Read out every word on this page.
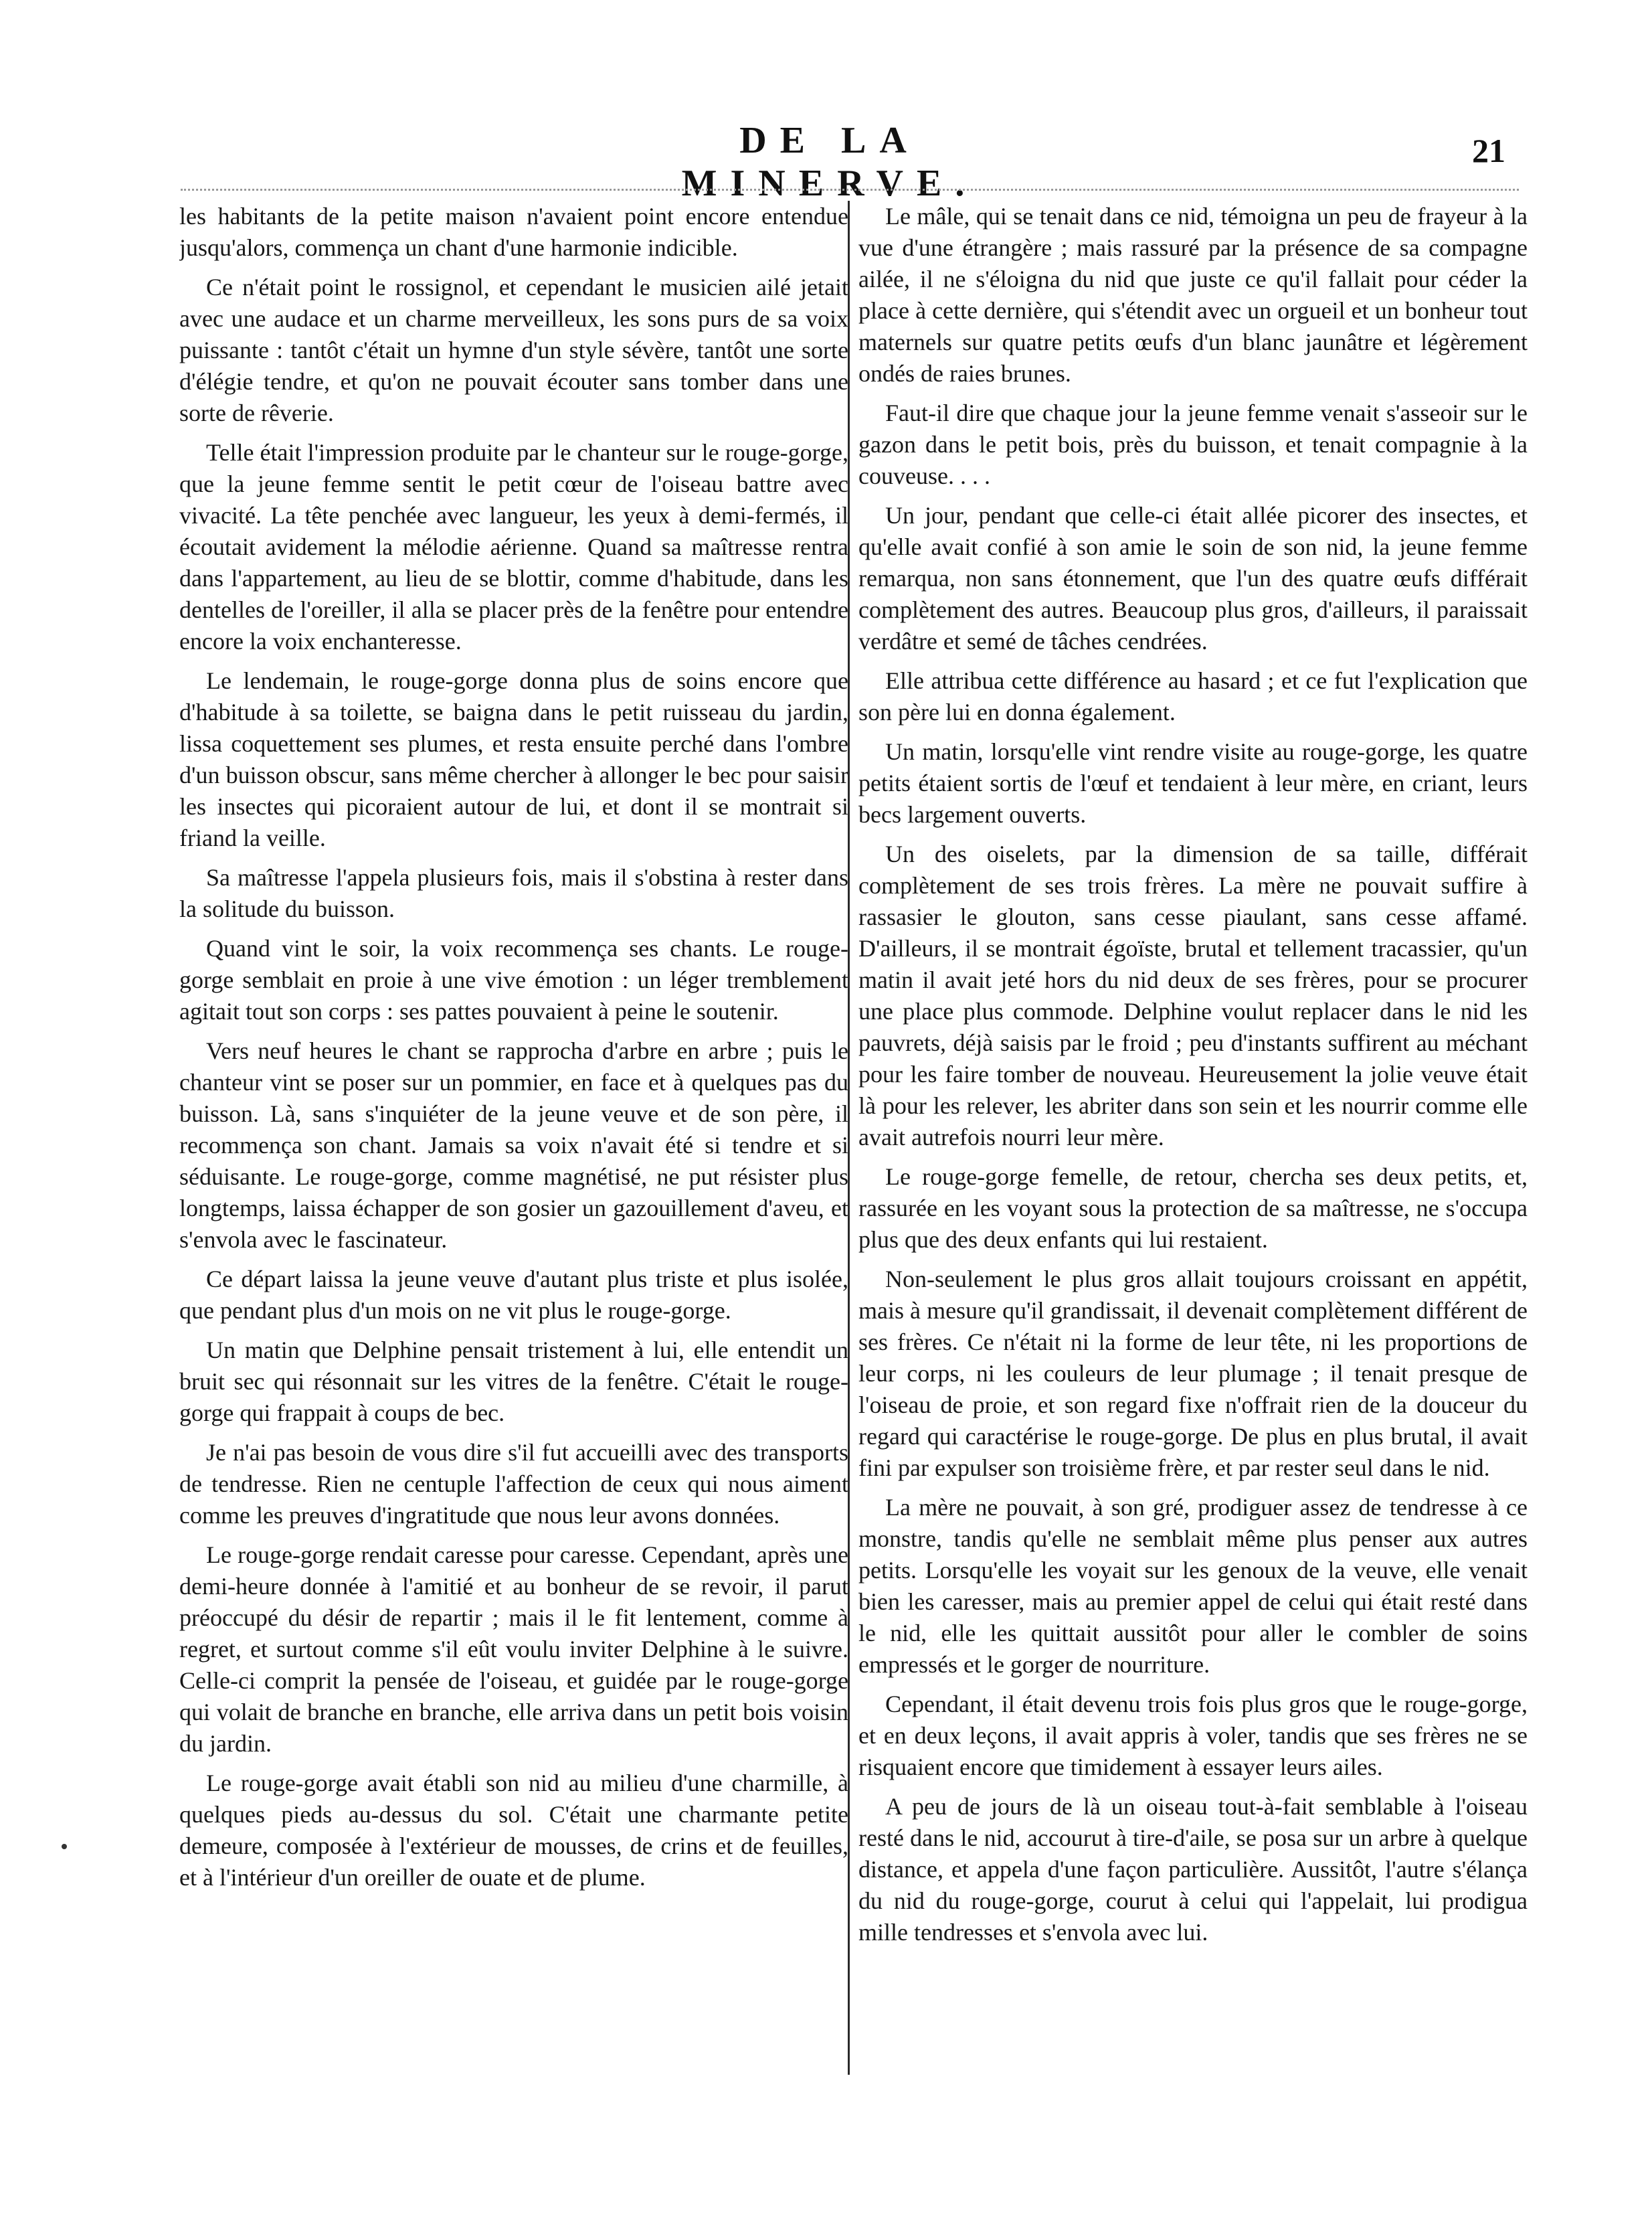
DE LA MINERVE.
21

les habitants de la petite maison n'avaient point encore entendue jusqu'alors, commença un chant d'une harmonie indicible.

Ce n'était point le rossignol, et cependant le musicien ailé jetait avec une audace et un charme merveilleux, les sons purs de sa voix puissante : tantôt c'était un hymne d'un style sévère, tantôt une sorte d'élégie tendre, et qu'on ne pouvait écouter sans tomber dans une sorte de rêverie.

Telle était l'impression produite par le chanteur sur le rouge-gorge, que la jeune femme sentit le petit cœur de l'oiseau battre avec vivacité. La tête penchée avec langueur, les yeux à demi-fermés, il écoutait avidement la mélodie aérienne. Quand sa maîtresse rentra dans l'appartement, au lieu de se blottir, comme d'habitude, dans les dentelles de l'oreiller, il alla se placer près de la fenêtre pour entendre encore la voix enchanteresse.

Le lendemain, le rouge-gorge donna plus de soins encore que d'habitude à sa toilette, se baigna dans le petit ruisseau du jardin, lissa coquettement ses plumes, et resta ensuite perché dans l'ombre d'un buisson obscur, sans même chercher à allonger le bec pour saisir les insectes qui picoraient autour de lui, et dont il se montrait si friand la veille.

Sa maîtresse l'appela plusieurs fois, mais il s'obstina à rester dans la solitude du buisson.

Quand vint le soir, la voix recommença ses chants. Le rouge-gorge semblait en proie à une vive émotion : un léger tremblement agitait tout son corps : ses pattes pouvaient à peine le soutenir.

Vers neuf heures le chant se rapprocha d'arbre en arbre ; puis le chanteur vint se poser sur un pommier, en face et à quelques pas du buisson. Là, sans s'inquiéter de la jeune veuve et de son père, il recommença son chant. Jamais sa voix n'avait été si tendre et si séduisante. Le rouge-gorge, comme magnétisé, ne put résister plus longtemps, laissa échapper de son gosier un gazouillement d'aveu, et s'envola avec le fascinateur.

Ce départ laissa la jeune veuve d'autant plus triste et plus isolée, que pendant plus d'un mois on ne vit plus le rouge-gorge.

Un matin que Delphine pensait tristement à lui, elle entendit un bruit sec qui résonnait sur les vitres de la fenêtre. C'était le rouge-gorge qui frappait à coups de bec.

Je n'ai pas besoin de vous dire s'il fut accueilli avec des transports de tendresse. Rien ne centuple l'affection de ceux qui nous aiment comme les preuves d'ingratitude que nous leur avons données.

Le rouge-gorge rendait caresse pour caresse. Cependant, après une demi-heure donnée à l'amitié et au bonheur de se revoir, il parut préoccupé du désir de repartir ; mais il le fit lentement, comme à regret, et surtout comme s'il eût voulu inviter Delphine à le suivre. Celle-ci comprit la pensée de l'oiseau, et guidée par le rouge-gorge qui volait de branche en branche, elle arriva dans un petit bois voisin du jardin.

Le rouge-gorge avait établi son nid au milieu d'une charmille, à quelques pieds au-dessus du sol. C'était une charmante petite demeure, composée à l'extérieur de mousses, de crins et de feuilles, et à l'intérieur d'un oreiller de ouate et de plume.

Le mâle, qui se tenait dans ce nid, témoigna un peu de frayeur à la vue d'une étrangère ; mais rassuré par la présence de sa compagne ailée, il ne s'éloigna du nid que juste ce qu'il fallait pour céder la place à cette dernière, qui s'étendit avec un orgueil et un bonheur tout maternels sur quatre petits œufs d'un blanc jaunâtre et légèrement ondés de raies brunes.

Faut-il dire que chaque jour la jeune femme venait s'asseoir sur le gazon dans le petit bois, près du buisson, et tenait compagnie à la couveuse. . . .

Un jour, pendant que celle-ci était allée picorer des insectes, et qu'elle avait confié à son amie le soin de son nid, la jeune femme remarqua, non sans étonnement, que l'un des quatre œufs différait complètement des autres. Beaucoup plus gros, d'ailleurs, il paraissait verdâtre et semé de tâches cendrées.

Elle attribua cette différence au hasard ; et ce fut l'explication que son père lui en donna également.

Un matin, lorsqu'elle vint rendre visite au rouge-gorge, les quatre petits étaient sortis de l'œuf et tendaient à leur mère, en criant, leurs becs largement ouverts.

Un des oiselets, par la dimension de sa taille, différait complètement de ses trois frères. La mère ne pouvait suffire à rassasier le glouton, sans cesse piaulant, sans cesse affamé. D'ailleurs, il se montrait égoïste, brutal et tellement tracassier, qu'un matin il avait jeté hors du nid deux de ses frères, pour se procurer une place plus commode. Delphine voulut replacer dans le nid les pauvrets, déjà saisis par le froid ; peu d'instants suffirent au méchant pour les faire tomber de nouveau. Heureusement la jolie veuve était là pour les relever, les abriter dans son sein et les nourrir comme elle avait autrefois nourri leur mère.

Le rouge-gorge femelle, de retour, chercha ses deux petits, et, rassurée en les voyant sous la protection de sa maîtresse, ne s'occupa plus que des deux enfants qui lui restaient.

Non-seulement le plus gros allait toujours croissant en appétit, mais à mesure qu'il grandissait, il devenait complètement différent de ses frères. Ce n'était ni la forme de leur tête, ni les proportions de leur corps, ni les couleurs de leur plumage ; il tenait presque de l'oiseau de proie, et son regard fixe n'offrait rien de la douceur du regard qui caractérise le rouge-gorge. De plus en plus brutal, il avait fini par expulser son troisième frère, et par rester seul dans le nid.

La mère ne pouvait, à son gré, prodiguer assez de tendresse à ce monstre, tandis qu'elle ne semblait même plus penser aux autres petits. Lorsqu'elle les voyait sur les genoux de la veuve, elle venait bien les caresser, mais au premier appel de celui qui était resté dans le nid, elle les quittait aussitôt pour aller le combler de soins empressés et le gorger de nourriture.

Cependant, il était devenu trois fois plus gros que le rouge-gorge, et en deux leçons, il avait appris à voler, tandis que ses frères ne se risquaient encore que timidement à essayer leurs ailes.

A peu de jours de là un oiseau tout-à-fait semblable à l'oiseau resté dans le nid, accourut à tire-d'aile, se posa sur un arbre à quelque distance, et appela d'une façon particulière. Aussitôt, l'autre s'élança du nid du rouge-gorge, courut à celui qui l'appelait, lui prodigua mille tendresses et s'envola avec lui.
